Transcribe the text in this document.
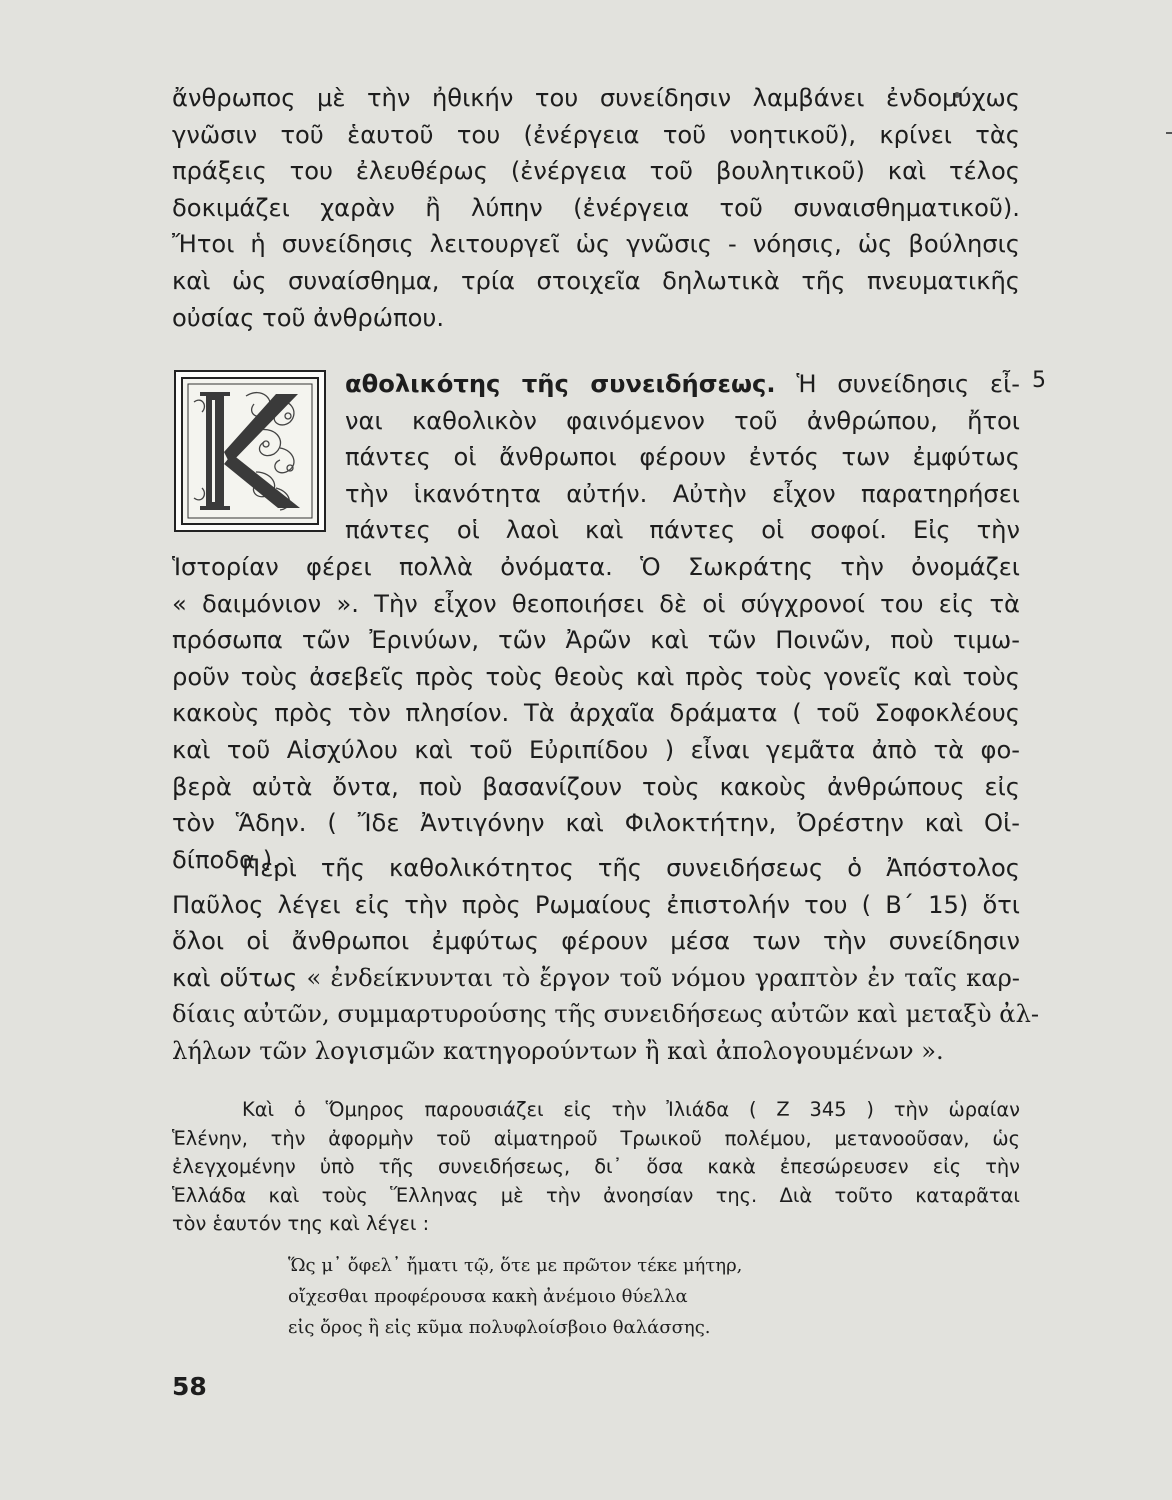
ἄνθρωπος μὲ τὴν ἠθικήν του συνείδησιν λαμβάνει ἐνδομύχως
γνῶσιν τοῦ ἑαυτοῦ του (ἐνέργεια τοῦ νοητικοῦ), κρίνει τὰς
πράξεις του ἐλευθέρως (ἐνέργεια τοῦ βουλητικοῦ) καὶ τέλος
δοκιμάζει χαρὰν ἢ λύπην (ἐνέργεια τοῦ συναισθηματικοῦ).
Ἤτοι ἡ συνείδησις λειτουργεῖ ὡς γνῶσις - νόησις, ὡς βούλησις
καὶ ὡς συναίσθημα, τρία στοιχεῖα δηλωτικὰ τῆς πνευματικῆς
οὐσίας τοῦ ἀνθρώπου.
5
αθολικότης τῆς συνειδήσεως. Ἡ συνείδησις εἶ-
ναι καθολικὸν φαινόμενον τοῦ ἀνθρώπου, ἤτοι
πάντες οἱ ἄνθρωποι φέρουν ἐντός των ἐμφύτως
τὴν ἱκανότητα αὐτήν. Αὐτὴν εἶχον παρατηρήσει
πάντες οἱ λαοὶ καὶ πάντες οἱ σοφοί. Εἰς τὴν
Ἱστορίαν φέρει πολλὰ ὀνόματα. Ὁ Σωκράτης τὴν ὀνομάζει
« δαιμόνιον ». Τὴν εἶχον θεοποιήσει δὲ οἱ σύγχρονοί του εἰς τὰ
πρόσωπα τῶν Ἐρινύων, τῶν Ἀρῶν καὶ τῶν Ποινῶν, ποὺ τιμω-
ροῦν τοὺς ἀσεβεῖς πρὸς τοὺς θεοὺς καὶ πρὸς τοὺς γονεῖς καὶ τοὺς
κακοὺς πρὸς τὸν πλησίον. Τὰ ἀρχαῖα δράματα ( τοῦ Σοφοκλέους
καὶ τοῦ Αἰσχύλου καὶ τοῦ Εὐριπίδου ) εἶναι γεμᾶτα ἀπὸ τὰ φο-
βερὰ αὐτὰ ὄντα, ποὺ βασανίζουν τοὺς κακοὺς ἀνθρώπους εἰς
τὸν Ἅδην. ( Ἴδε Ἀντιγόνην καὶ Φιλοκτήτην, Ὀρέστην καὶ Οἰ-
δίποδα ).
Περὶ τῆς καθολικότητος τῆς συνειδήσεως ὁ Ἀπόστολος
Παῦλος λέγει εἰς τὴν πρὸς Ρωμαίους ἐπιστολήν του ( Β΄ 15) ὅτι
ὅλοι οἱ ἄνθρωποι ἐμφύτως φέρουν μέσα των τὴν συνείδησιν
καὶ οὕτως « ἐνδείκνυνται τὸ ἔργον τοῦ νόμου γραπτὸν ἐν ταῖς καρ-
δίαις αὐτῶν, συμμαρτυρούσης τῆς συνειδήσεως αὐτῶν καὶ μεταξὺ ἀλ-
λήλων τῶν λογισμῶν κατηγορούντων ἢ καὶ ἀπολογουμένων ».
Καὶ ὁ Ὅμηρος παρουσιάζει εἰς τὴν Ἰλιάδα ( Ζ 345 ) τὴν ὡραίαν
Ἑλένην, τὴν ἀφορμὴν τοῦ αἱματηροῦ Τρωικοῦ πολέμου, μετανοοῦσαν, ὡς
ἐλεγχομένην ὑπὸ τῆς συνειδήσεως, δι᾽ ὅσα κακὰ ἐπεσώρευσεν εἰς τὴν
Ἑλλάδα καὶ τοὺς Ἕλληνας μὲ τὴν ἀνοησίαν της. Διὰ τοῦτο καταρᾶται
τὸν ἑαυτόν της καὶ λέγει :
Ὥς μ᾽ ὄφελ᾽ ἤματι τῷ, ὅτε με πρῶτον τέκε μήτηρ,
οἴχεσθαι προφέρουσα κακὴ ἀνέμοιο θύελλα
εἰς ὄρος ἢ εἰς κῦμα πολυφλοίσβοιο θαλάσσης.
58
